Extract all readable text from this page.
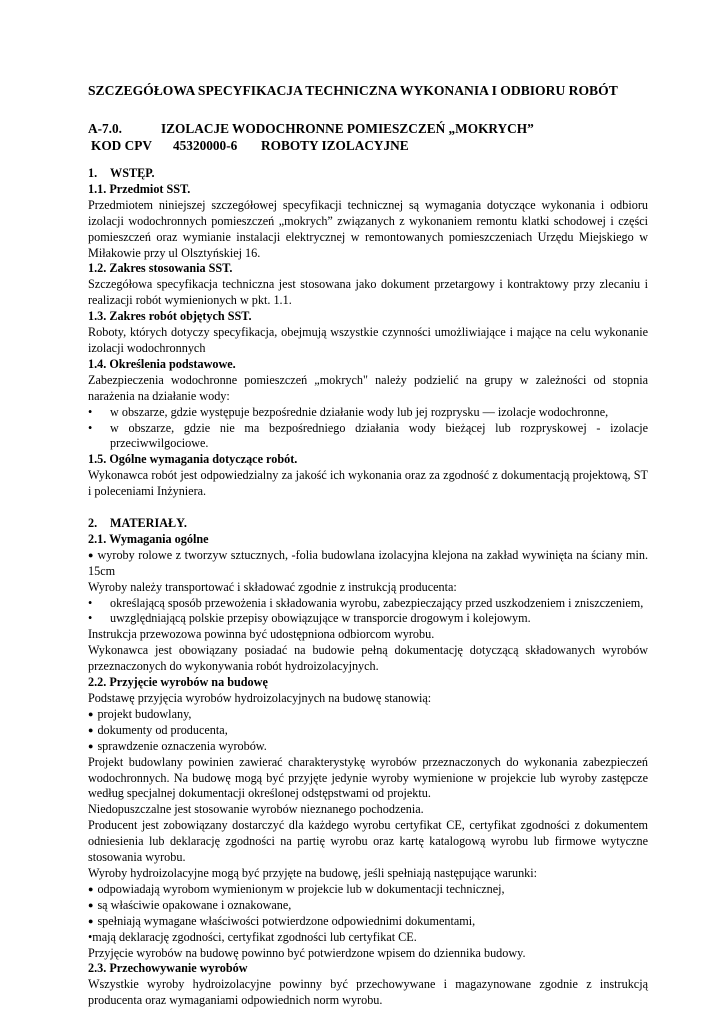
SZCZEGÓŁOWA SPECYFIKACJA TECHNICZNA WYKONANIA I ODBIORU ROBÓT

A-7.0.	IZOLACJE WODOCHRONNE POMIESZCZEŃ „MOKRYCH”
KOD CPV 45320000-6 ROBOTY IZOLACYJNE
1. WSTĘP.
1.1. Przedmiot SST.
Przedmiotem niniejszej szczegółowej specyfikacji technicznej są wymagania dotyczące wykonania i odbioru izolacji wodochronnych pomieszczeń „mokrych” związanych z wykonaniem remontu klatki schodowej i części pomieszczeń oraz wymianie instalacji elektrycznej w remontowanych pomieszczeniach Urzędu Miejskiego w Miłakowie przy ul Olsztyńskiej 16.
1.2. Zakres stosowania SST.
Szczegółowa specyfikacja techniczna jest stosowana jako dokument przetargowy i kontraktowy przy zlecaniu i realizacji robót wymienionych w pkt. 1.1.
1.3. Zakres robót objętych SST.
Roboty, których dotyczy specyfikacja, obejmują wszystkie czynności umożliwiające i mające na celu wykonanie izolacji wodochronnych
1.4. Określenia podstawowe.
Zabezpieczenia wodochronne pomieszczeń „mokrych" należy podzielić na grupy w zależności od stopnia narażenia na działanie wody:
•	w obszarze, gdzie występuje bezpośrednie działanie wody lub jej rozprysku — izolacje wodochronne,
•	w obszarze, gdzie nie ma bezpośredniego działania wody bieżącej lub rozpryskowej - izolacje przeciwwilgociowe.
1.5. Ogólne wymagania dotyczące robót.
Wykonawca robót jest odpowiedzialny za jakość ich wykonania oraz za zgodność z dokumentacją projektową, ST i poleceniami Inżyniera.
2. MATERIAŁY.
2.1. Wymagania ogólne
● wyroby rolowe z tworzyw sztucznych, -folia budowlana izolacyjna klejona na zakład wywinięta na ściany min. 15cm
Wyroby należy transportować i składować zgodnie z instrukcją producenta:
•	określającą sposób przewożenia i składowania wyrobu, zabezpieczający przed uszkodzeniem i zniszczeniem,
•	uwzględniającą polskie przepisy obowiązujące w transporcie drogowym i kolejowym.
Instrukcja przewozowa powinna być udostępniona odbiorcom wyrobu.
Wykonawca jest obowiązany posiadać na budowie pełną dokumentację dotyczącą składowanych wyrobów przeznaczonych do wykonywania robót hydroizolacyjnych.
2.2. Przyjęcie wyrobów na budowę
Podstawę przyjęcia wyrobów hydroizolacyjnych na budowę stanowią:
● projekt budowlany,
● dokumenty od producenta,
● sprawdzenie oznaczenia wyrobów.
Projekt budowlany powinien zawierać charakterystykę wyrobów przeznaczonych do wykonania zabezpieczeń wodochronnych. Na budowę mogą być przyjęte jedynie wyroby wymienione w projekcie lub wyroby zastępcze według specjalnej dokumentacji określonej odstępstwami od projektu.
Niedopuszczalne jest stosowanie wyrobów nieznanego pochodzenia.
Producent jest zobowiązany dostarczyć dla każdego wyrobu certyfikat CE, certyfikat zgodności z dokumentem odniesienia lub deklarację zgodności na partię wyrobu oraz kartę katalogową wyrobu lub firmowe wytyczne stosowania wyrobu.
Wyroby hydroizolacyjne mogą być przyjęte na budowę, jeśli spełniają następujące warunki:
● odpowiadają wyrobom wymienionym w projekcie lub w dokumentacji technicznej,
● są właściwie opakowane i oznakowane,
● spełniają wymagane właściwości potwierdzone odpowiednimi dokumentami,
•mają deklarację zgodności, certyfikat zgodności lub certyfikat CE.
Przyjęcie wyrobów na budowę powinno być potwierdzone wpisem do dziennika budowy.
2.3. Przechowywanie wyrobów
Wszystkie wyroby hydroizolacyjne powinny być przechowywane i magazynowane zgodnie z instrukcją producenta oraz wymaganiami odpowiednich norm wyrobu.
